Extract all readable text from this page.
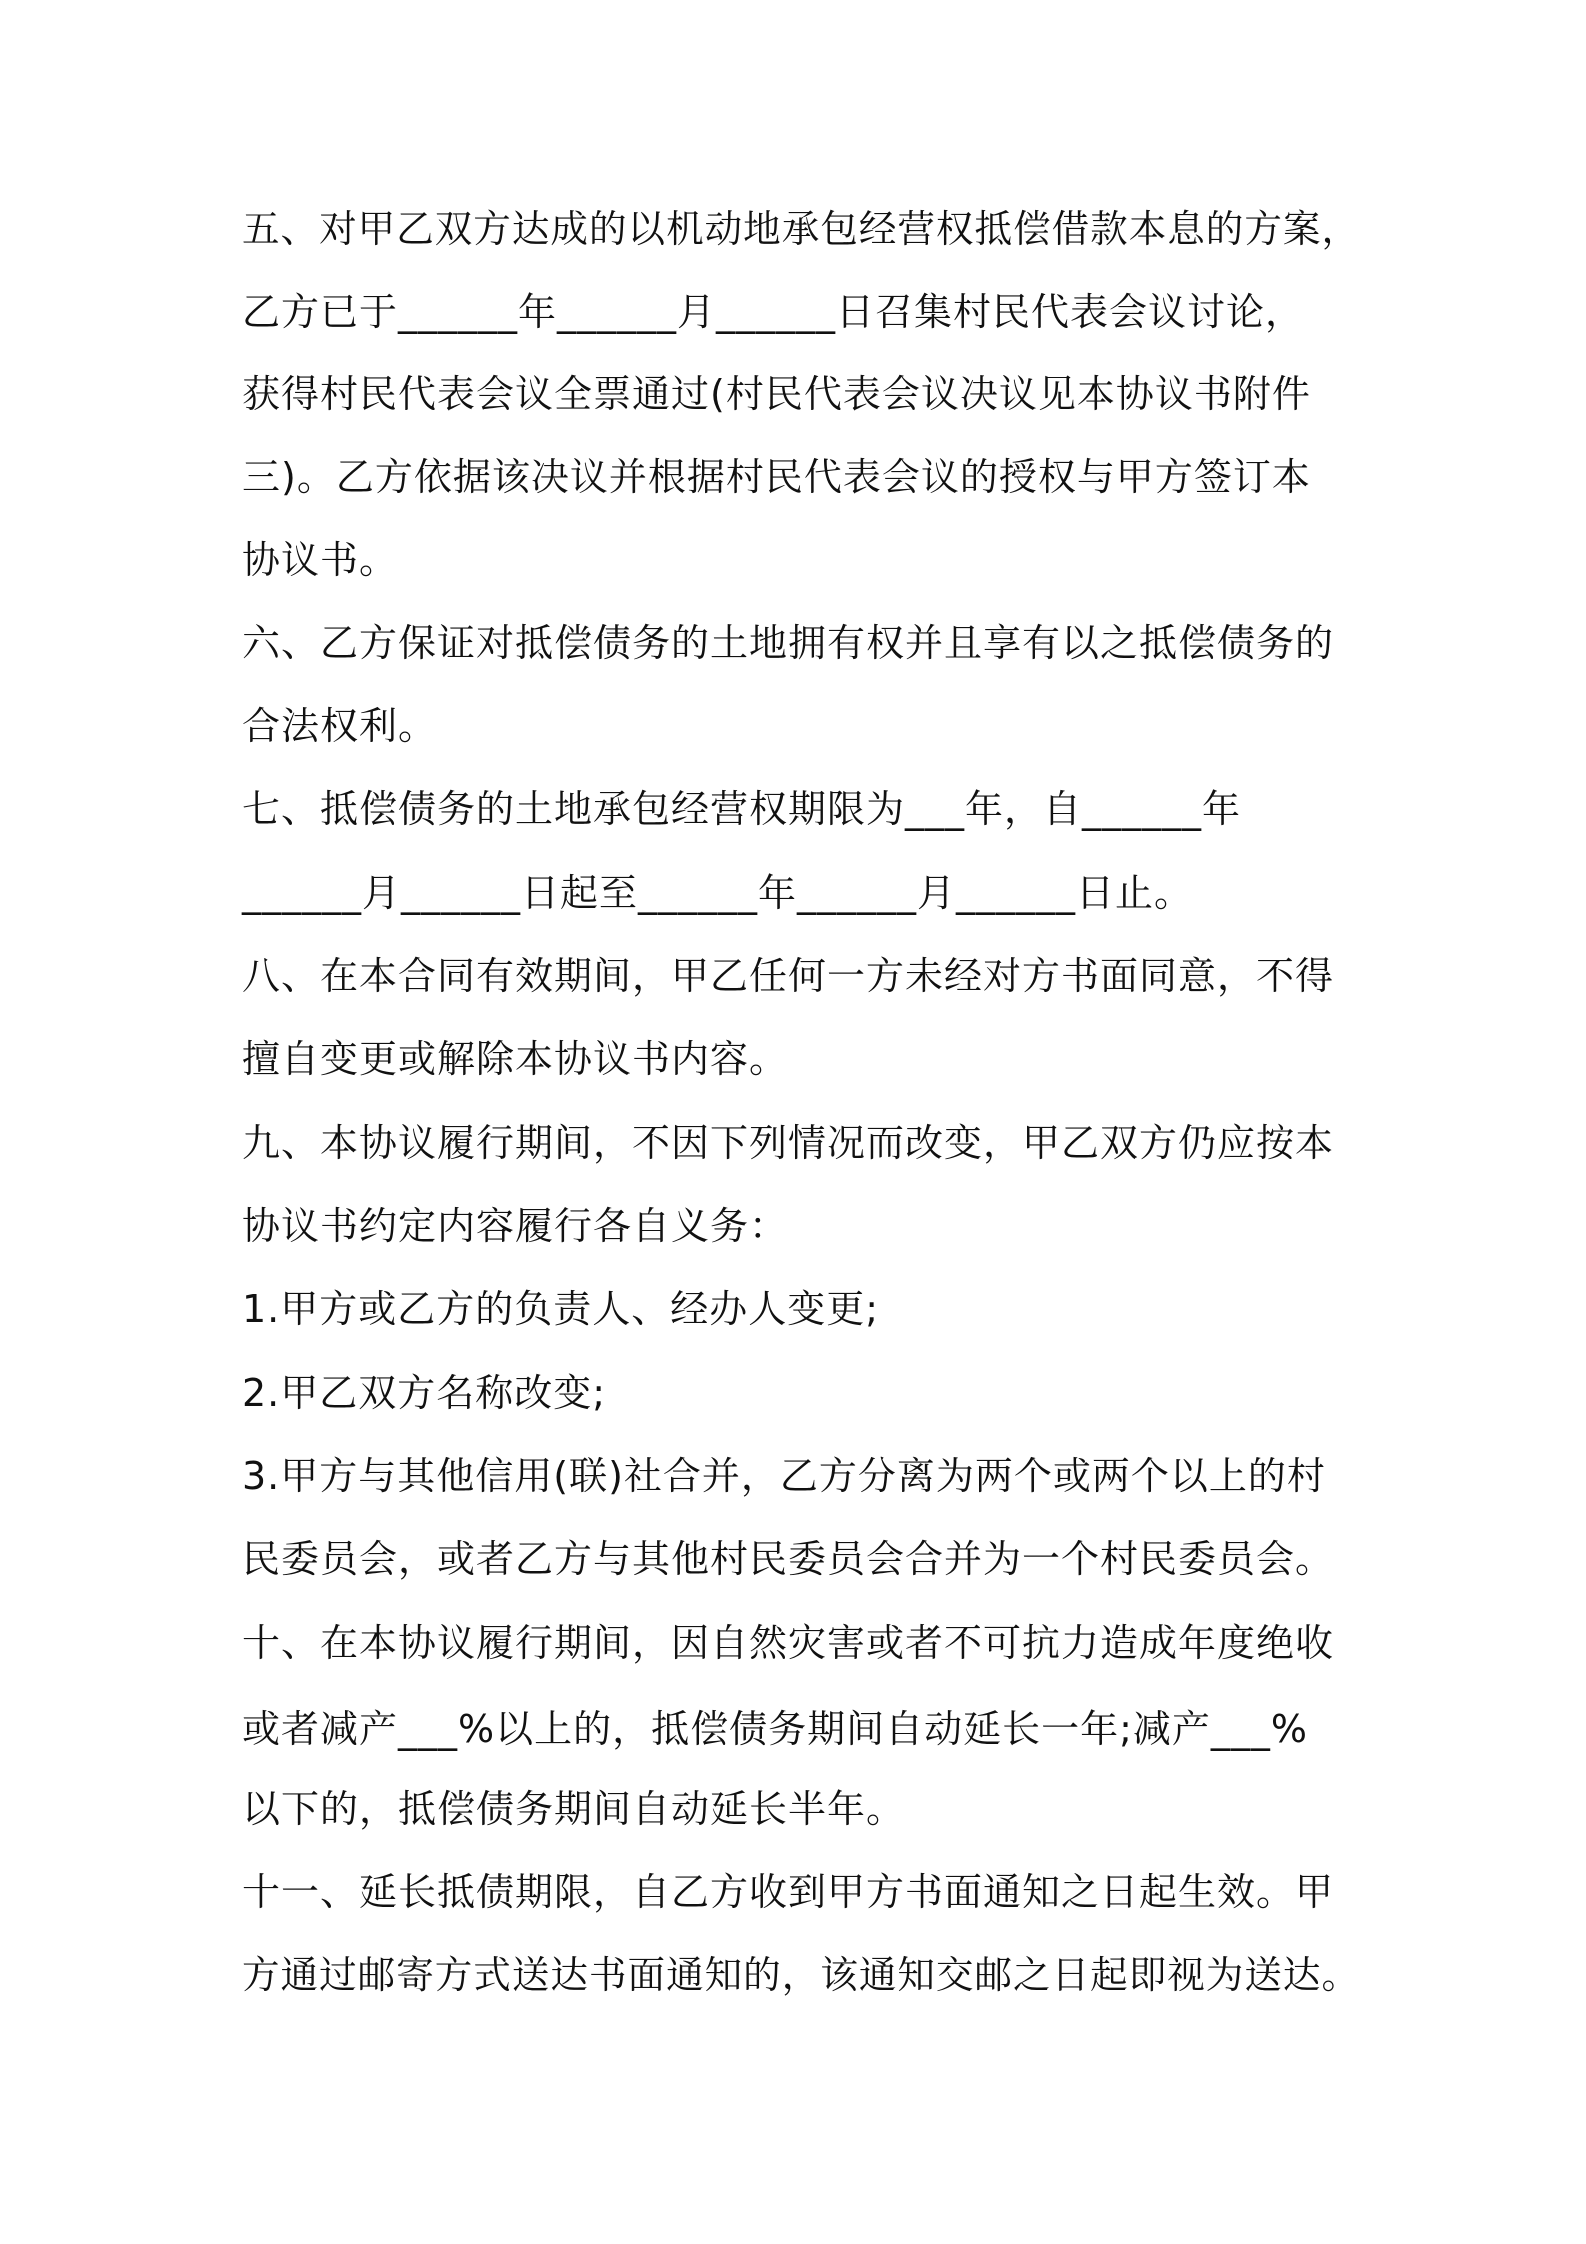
五、对甲乙双方达成的以机动地承包经营权抵偿借款本息的方案，
乙方已于______年______月______日召集村民代表会议讨论，
获得村民代表会议全票通过(村民代表会议决议见本协议书附件
三)。乙方依据该决议并根据村民代表会议的授权与甲方签订本
协议书。
六、乙方保证对抵偿债务的土地拥有权并且享有以之抵偿债务的
合法权利。
七、抵偿债务的土地承包经营权期限为___年，自______年
______月______日起至______年______月______日止。
八、在本合同有效期间，甲乙任何一方未经对方书面同意，不得
擅自变更或解除本协议书内容。
九、本协议履行期间，不因下列情况而改变，甲乙双方仍应按本
协议书约定内容履行各自义务：
1.甲方或乙方的负责人、经办人变更;
2.甲乙双方名称改变;
3.甲方与其他信用(联)社合并，乙方分离为两个或两个以上的村
民委员会，或者乙方与其他村民委员会合并为一个村民委员会。
十、在本协议履行期间，因自然灾害或者不可抗力造成年度绝收
或者减产___%以上的，抵偿债务期间自动延长一年;减产___%
以下的，抵偿债务期间自动延长半年。
十一、延长抵债期限，自乙方收到甲方书面通知之日起生效。甲
方通过邮寄方式送达书面通知的，该通知交邮之日起即视为送达。
